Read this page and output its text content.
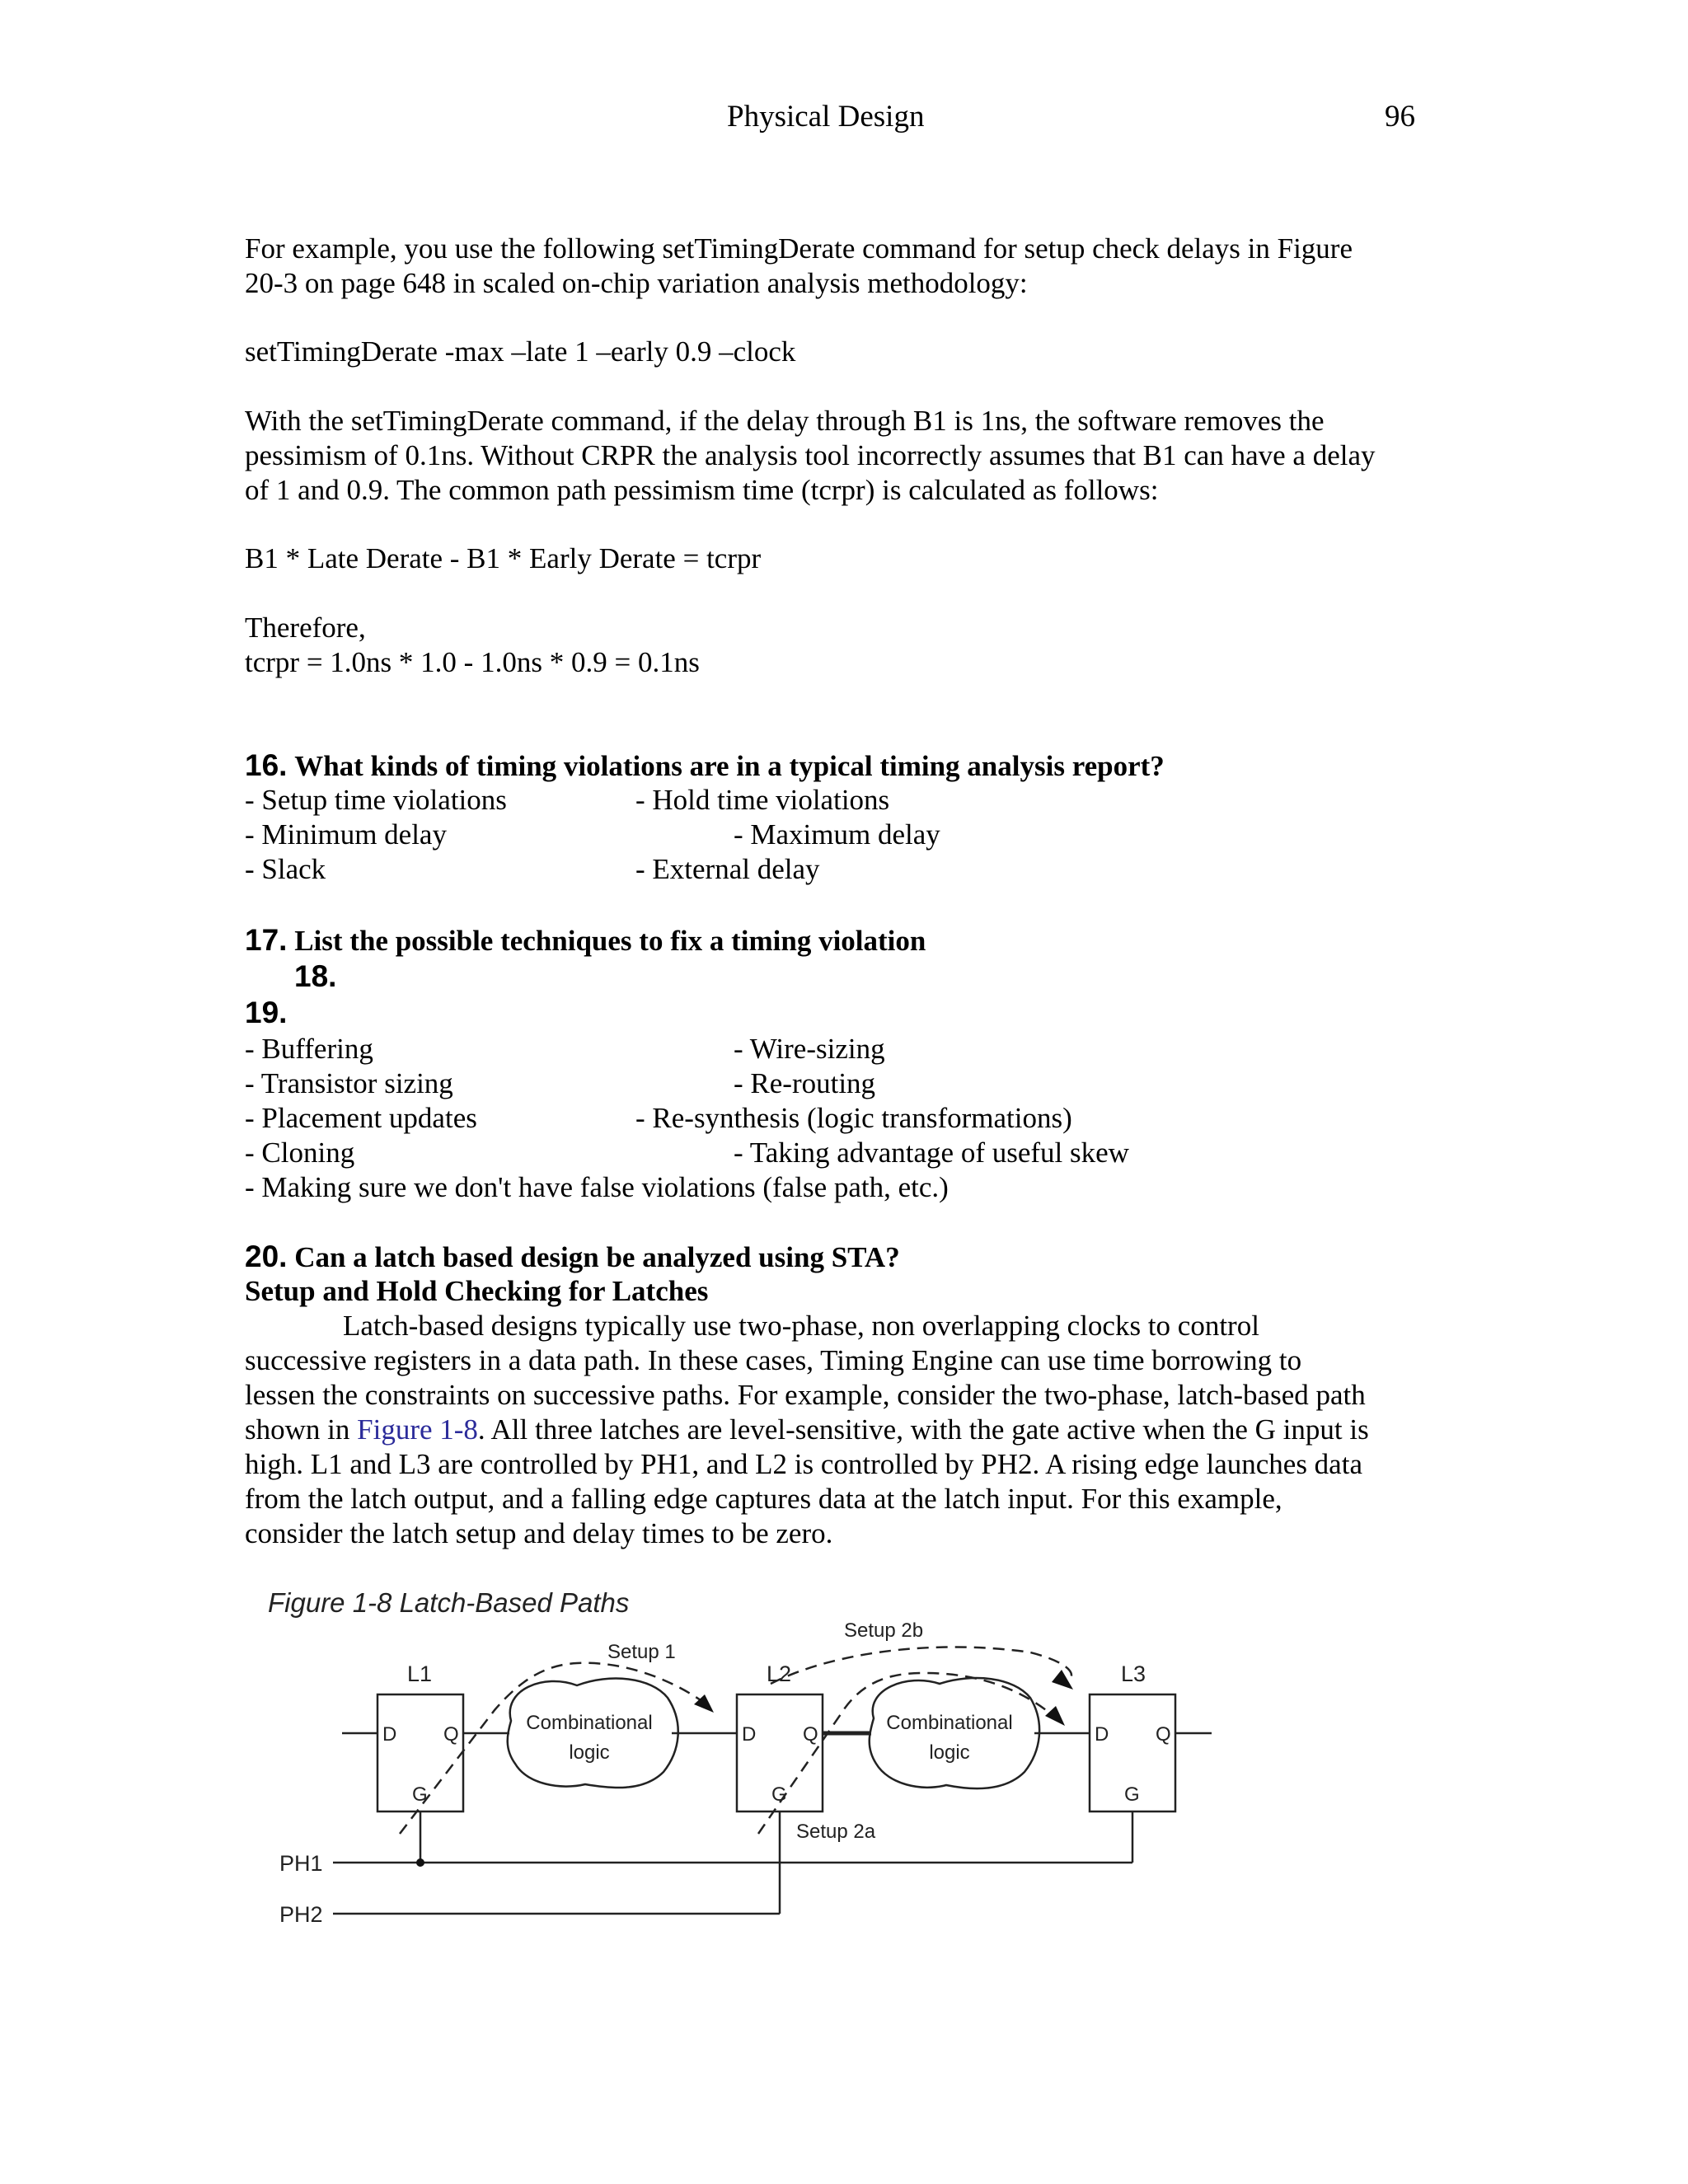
Physical Design	96
For example, you use the following setTimingDerate command for setup check delays in Figure
20-3 on page 648 in scaled on-chip variation analysis methodology:
setTimingDerate -max –late 1 –early 0.9 –clock
With the setTimingDerate command, if the delay through B1 is 1ns, the software removes the
pessimism of 0.1ns. Without CRPR the analysis tool incorrectly assumes that B1 can have a delay
of 1 and 0.9. The common path pessimism time (tcrpr) is calculated as follows:
B1 * Late Derate - B1 * Early Derate = tcrpr
Therefore,
tcrpr = 1.0ns * 1.0 - 1.0ns * 0.9 = 0.1ns
16. What kinds of timing violations are in a typical timing analysis report?
- Setup time violations	- Hold time violations
- Minimum delay	- Maximum delay
- Slack	- External delay
17. List the possible techniques to fix a timing violation
18.
19.
- Buffering	- Wire-sizing
- Transistor sizing	- Re-routing
- Placement updates	- Re-synthesis (logic transformations)
- Cloning	- Taking advantage of useful skew
- Making sure we don't have false violations (false path, etc.)
20. Can a latch based design be analyzed using STA?
Setup and Hold Checking for Latches
Latch-based designs typically use two-phase, non overlapping clocks to control
successive registers in a data path. In these cases, Timing Engine can use time borrowing to
lessen the constraints on successive paths. For example, consider the two-phase, latch-based path
shown in Figure 1-8. All three latches are level-sensitive, with the gate active when the G input is
high. L1 and L3 are controlled by PH1, and L2 is controlled by PH2. A rising edge launches data
from the latch output, and a falling edge captures data at the latch input. For this example,
consider the latch setup and delay times to be zero.
Figure 1-8 Latch-Based Paths
L1	L2	L3
D Q
G
D Q
G
D Q
G
Combinational
logic
Combinational
logic
Setup 1
Setup 2b
Setup 2a
PH1
PH2
